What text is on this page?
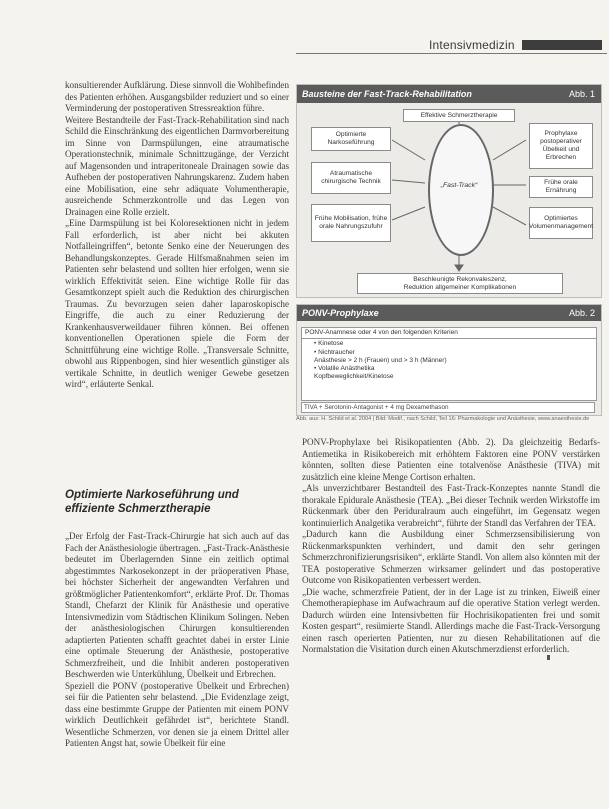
Intensivmedizin

konsultierender Aufklärung. Diese sinnvoll die Wohlbefinden des Patienten erhöhen. Ausgangsbilder reduziert und so einer Verminderung der postoperativen Stressreaktion führe.

Weitere Bestandteile der Fast-Track-Rehabilitation sind nach Schild die Einschränkung des eigentlichen Darmvorbereitung im Sinne von Darmspülungen, eine atraumatische Operationstechnik, minimale Schnittzugänge, der Verzicht auf Magensonden und intraperitoneale Drainagen sowie das Aufheben der postoperativen Nahrungskarenz. Zudem haben eine Mobilisation, eine sehr adäquate Volumentherapie, ausreichende Schmerzkontrolle und das Legen von Drainagen eine Rolle erzielt.

„Eine Darmspülung ist bei Koloresektionen nicht in jedem Fall erforderlich, ist aber nicht bei akkuten Notfalleingriffen“, betonte Senko eine der Neuerungen des Behandlungskonzeptes. Gerade Hilfsmaßnahmen seien im Patienten sehr belastend und sollten hier erfolgen, wenn sie wirklich Effektivität seien. Eine wichtige Rolle für das Gesamtkonzept spielt auch die Reduktion des chirurgischen Traumas. Zu bevorzugen seien daher laparoskopische Eingriffe, die auch zu einer Reduzierung der Krankenhausverweildauer führen können. Bei offenen konventionellen Operationen spiele die Form der Schnittführung eine wichtige Rolle. „Transversale Schnitte, obwohl aus Rippenbogen, sind hier wesentlich günstiger als vertikale Schnitte, in deutlich weniger Gewebe gesetzen wird“, erläuterte Senkal.

Optimierte Narkoseführung und effiziente Schmerztherapie

„Der Erfolg der Fast-Track-Chirurgie hat sich auch auf das Fach der Anästhesiologie übertragen. „Fast-Track-Anästhesie bedeutet im Überlagernden Sinne ein zeitlich optimal abgestimmtes Narkosekonzept in der präoperativen Phase, bei höchster Sicherheit der angewandten Verfahren und größtmöglicher Patientenkomfort“, erklärte Prof. Dr. Thomas Standl, Chefarzt der Klinik für Anästhesie und operative Intensivmedizin vom Städtischen Klinikum Solingen. Neben der anästhesiologischen Chirurgen konsultierenden adaptierten Patienten schafft geachtet dabei in erster Linie eine optimale Steuerung der Anästhesie, postoperative Schmerzfreiheit, und die Inhibit anderen postoperativen Beschwerden wie Unterkühlung, Übelkeit und Erbrechen.

Speziell die PONV (postoperative Übelkeit und Erbrechen) sei für die Patienten sehr belastend. „Die Evidenzlage zeigt, dass eine bestimmte Gruppe der Patienten mit einem PONV wirklich Deutlichkeit gefährdet ist“, berichtete Standl. Wesentliche Schmerzen, vor denen sie ja einem Drittel aller Patienten Angst hat, sowie Übelkeit für eine

Bausteine der Fast-Track-Rehabilitation	Abb. 1
Effektive Schmerztherapie
Optimierte Narkoseführung
Atraumatische chirurgische Technik
Frühe Mobilisation, frühe orale Nahrungszufuhr
Prophylaxe postoperativer Übelkeit und Erbrechen
Frühe orale Ernährung
Optimiertes Volumenmanagement
„Fast-Track“
Beschleunigte Rekonvaleszenz,
Reduktion allgemeiner Komplikationen
PONV-Prophylaxe	Abb. 2
PONV-Anamnese oder 4 von den folgenden Kriterien
• Kinetose
• Nichtraucher
Anästhesie > 2 h (Frauen) und > 3 h (Männer)
• Volatile Anästhetika
Kopfbeweglichkeit/Kinetose
TIVA + Serotonin-Antagonist + 4 mg Dexamethason
Abb. aus: H. Schild et al. 2004 | Bild: Modif., nach Schild, Teil 16: Pharmakologie und Anästhesie, www.anaesthesie.de

PONV-Prophylaxe bei Risikopatienten (Abb. 2). Da gleichzeitig Bedarfs-Antiemetika in Risikobereich mit erhöhtem Faktoren eine PONV verstärken könnten, sollten diese Patienten eine totalvenöse Anästhesie (TIVA) mit zusätzlich eine kleine Menge Cortison erhalten.

„Als unverzichtbarer Bestandteil des Fast-Track-Konzeptes nannte Standl die thorakale Epidurale Anästhesie (TEA). „Bei dieser Technik werden Wirkstoffe im Rückenmark über den Periduralraum auch eingeführt, im Gegensatz wegen kontinuierlich Analgetika verabreicht“, führte der Standl das Verfahren der TEA.

„Dadurch kann die Ausbildung einer Schmerzsensibilisierung von Rückenmarkspunkten verhindert, und damit den sehr geringen Schmerzchronifizierungsrisiken“, erklärte Standl. Von allem also könnten mit der TEA postoperative Schmerzen wirksamer gelindert und das postoperative Outcome von Risikopatienten verbessert werden.

„Die wache, schmerzfreie Patient, der in der Lage ist zu trinken, Eiweiß einer Chemotherapiephase im Aufwachraum auf die operative Station verlegt werden. Dadurch würden eine Intensivbetten für Hochrisikopatienten frei und somit Kosten gespart“, resümierte Standl. Allerdings mache die Fast-Track-Versorgung einen rasch operierten Patienten, nur zu diesen Rehabilitationen auf die Normalstation die Visitation durch einen Akutschmerzdienst erforderlich.
